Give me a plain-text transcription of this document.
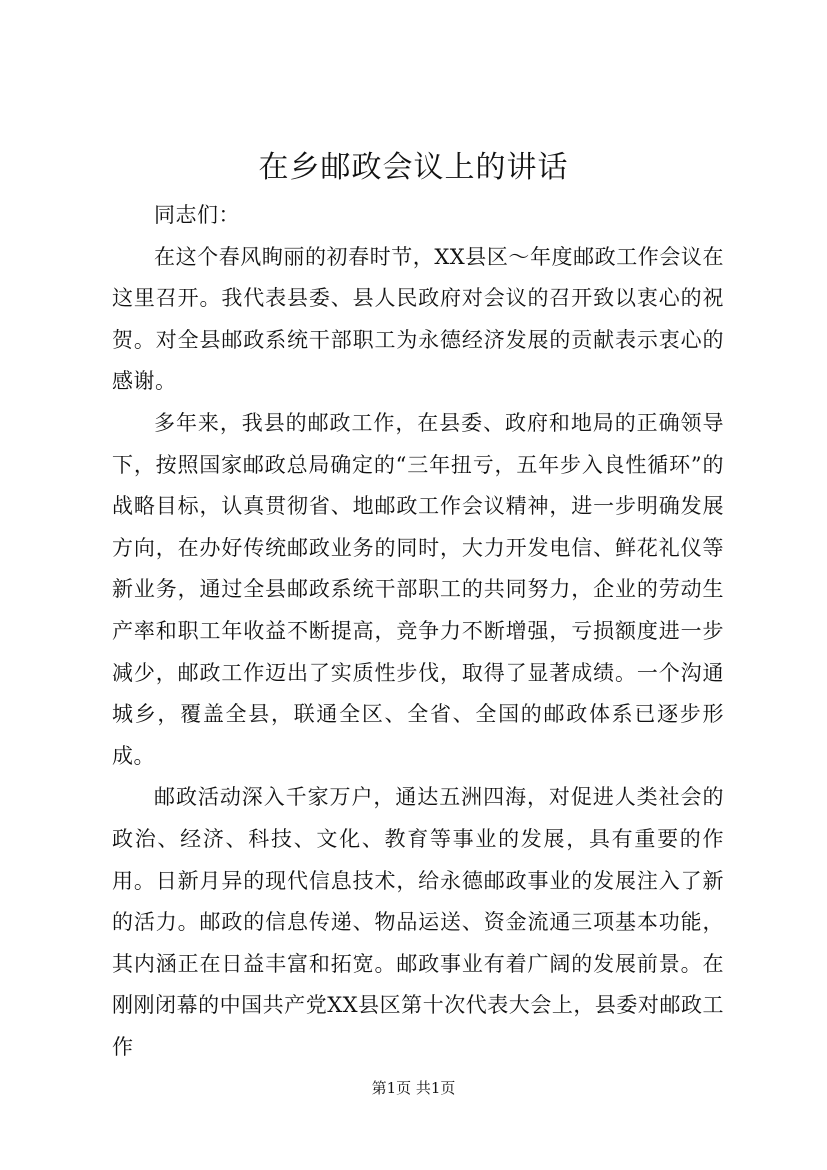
在乡邮政会议上的讲话

同志们：

在这个春风眴丽的初春时节，XX县区～年度邮政工作会议在这里召开。我代表县委、县人民政府对会议的召开致以衷心的祝贺。对全县邮政系统干部职工为永德经济发展的贡献表示衷心的感谢。

多年来，我县的邮政工作，在县委、政府和地局的正确领导下，按照国家邮政总局确定的“三年扭亏，五年步入良性循环”的战略目标，认真贯彻省、地邮政工作会议精神，进一步明确发展方向，在办好传统邮政业务的同时，大力开发电信、鲜花礼仪等新业务，通过全县邮政系统干部职工的共同努力，企业的劳动生产率和职工年收益不断提高，竞争力不断增强，亏损额度进一步减少，邮政工作迈出了实质性步伐，取得了显著成绩。一个沟通城乡，覆盖全县，联通全区、全省、全国的邮政体系已逐步形成。

邮政活动深入千家万户，通达五洲四海，对促进人类社会的政治、经济、科技、文化、教育等事业的发展，具有重要的作用。日新月异的现代信息技术，给永德邮政事业的发展注入了新的活力。邮政的信息传递、物品运送、资金流通三项基本功能，其内涵正在日益丰富和拓宽。邮政事业有着广阔的发展前景。在刚刚闭幕的中国共产党XX县区第十次代表大会上，县委对邮政工作

第1页 共1页
